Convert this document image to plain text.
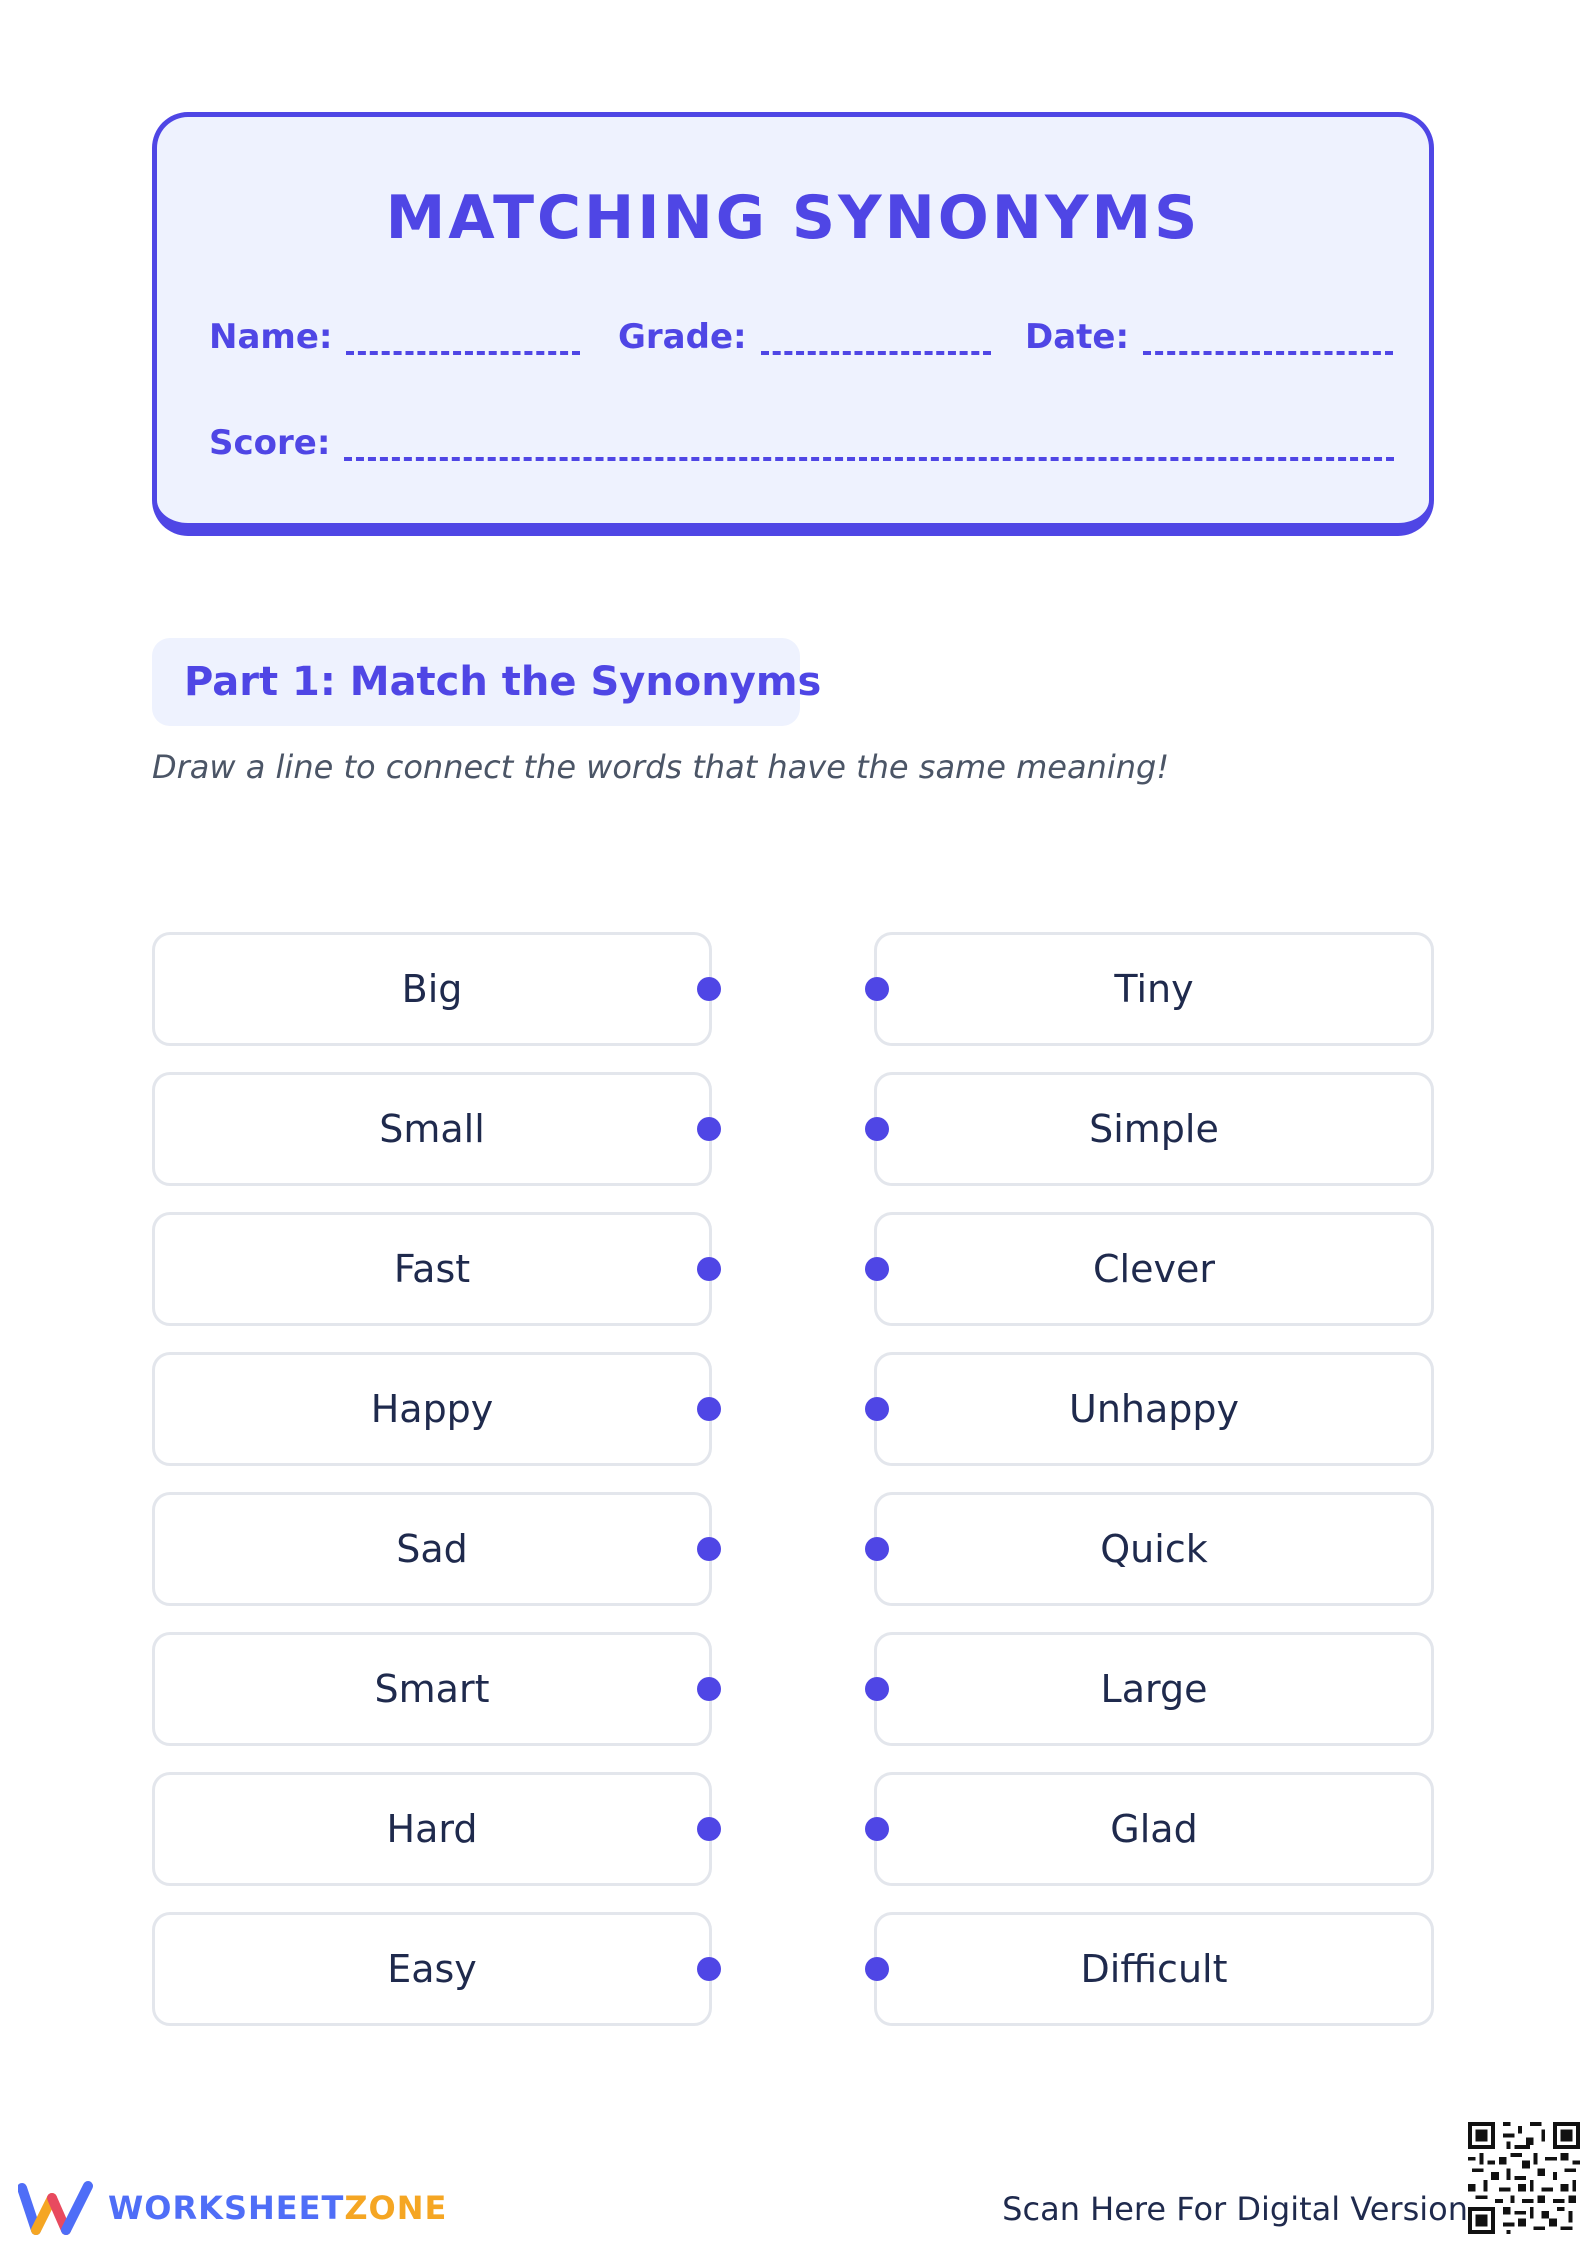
MATCHING SYNONYMS
Name:	Grade:	Date:
Score:
Part 1: Match the Synonyms
Draw a line to connect the words that have the same meaning!
Big
Small
Fast
Happy
Sad
Smart
Hard
Easy
Tiny
Simple
Clever
Unhappy
Quick
Large
Glad
Difficult
WORKSHEETZONE	Scan Here For Digital Version
